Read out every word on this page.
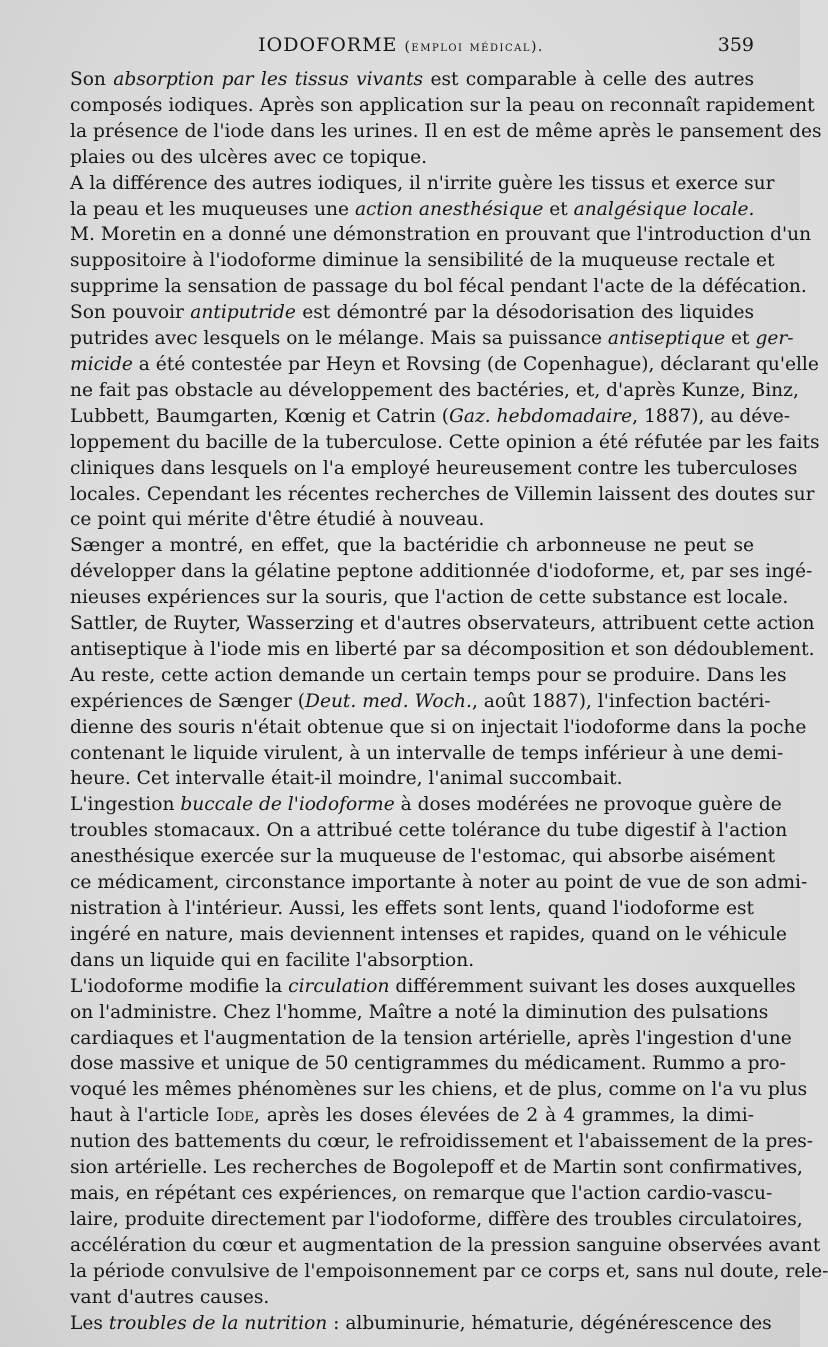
IODOFORME (emploi médical).	359

Son absorption par les tissus vivants est comparable à celle des autres
composés iodiques. Après son application sur la peau on reconnaît rapidement
la présence de l'iode dans les urines. Il en est de même après le pansement des
plaies ou des ulcères avec ce topique.

A la différence des autres iodiques, il n'irrite guère les tissus et exerce sur
la peau et les muqueuses une action anesthésique et analgésique locale.
M. Moretin en a donné une démonstration en prouvant que l'introduction d'un
suppositoire à l'iodoforme diminue la sensibilité de la muqueuse rectale et
supprime la sensation de passage du bol fécal pendant l'acte de la défécation.

Son pouvoir antiputride est démontré par la désodorisation des liquides
putrides avec lesquels on le mélange. Mais sa puissance antiseptique et ger-
micide a été contestée par Heyn et Rovsing (de Copenhague), déclarant qu'elle
ne fait pas obstacle au développement des bactéries, et, d'après Kunze, Binz,
Lubbett, Baumgarten, Kœnig et Catrin (Gaz. hebdomadaire, 1887), au déve-
loppement du bacille de la tuberculose. Cette opinion a été réfutée par les faits
cliniques dans lesquels on l'a employé heureusement contre les tuberculoses
locales. Cependant les récentes recherches de Villemin laissent des doutes sur
ce point qui mérite d'être étudié à nouveau.

Sænger a montré, en effet, que la bactéridie ch arbonneuse ne peut se
développer dans la gélatine peptone additionnée d'iodoforme, et, par ses ingé-
nieuses expériences sur la souris, que l'action de cette substance est locale.
Sattler, de Ruyter, Wasserzing et d'autres observateurs, attribuent cette action
antiseptique à l'iode mis en liberté par sa décomposition et son dédoublement.
Au reste, cette action demande un certain temps pour se produire. Dans les
expériences de Sænger (Deut. med. Woch., août 1887), l'infection bactéri-
dienne des souris n'était obtenue que si on injectait l'iodoforme dans la poche
contenant le liquide virulent, à un intervalle de temps inférieur à une demi-
heure. Cet intervalle était-il moindre, l'animal succombait.

L'ingestion buccale de l'iodoforme à doses modérées ne provoque guère de
troubles stomacaux. On a attribué cette tolérance du tube digestif à l'action
anesthésique exercée sur la muqueuse de l'estomac, qui absorbe aisément
ce médicament, circonstance importante à noter au point de vue de son admi-
nistration à l'intérieur. Aussi, les effets sont lents, quand l'iodoforme est
ingéré en nature, mais deviennent intenses et rapides, quand on le véhicule
dans un liquide qui en facilite l'absorption.

L'iodoforme modifie la circulation différemment suivant les doses auxquelles
on l'administre. Chez l'homme, Maître a noté la diminution des pulsations
cardiaques et l'augmentation de la tension artérielle, après l'ingestion d'une
dose massive et unique de 50 centigrammes du médicament. Rummo a pro-
voqué les mêmes phénomènes sur les chiens, et de plus, comme on l'a vu plus
haut à l'article Iode, après les doses élevées de 2 à 4 grammes, la dimi-
nution des battements du cœur, le refroidissement et l'abaissement de la pres-
sion artérielle. Les recherches de Bogolepoff et de Martin sont confirmatives,
mais, en répétant ces expériences, on remarque que l'action cardio-vascu-
laire, produite directement par l'iodoforme, diffère des troubles circulatoires,
accélération du cœur et augmentation de la pression sanguine observées avant
la période convulsive de l'empoisonnement par ce corps et, sans nul doute, rele-
vant d'autres causes.

Les troubles de la nutrition : albuminurie, hématurie, dégénérescence des
